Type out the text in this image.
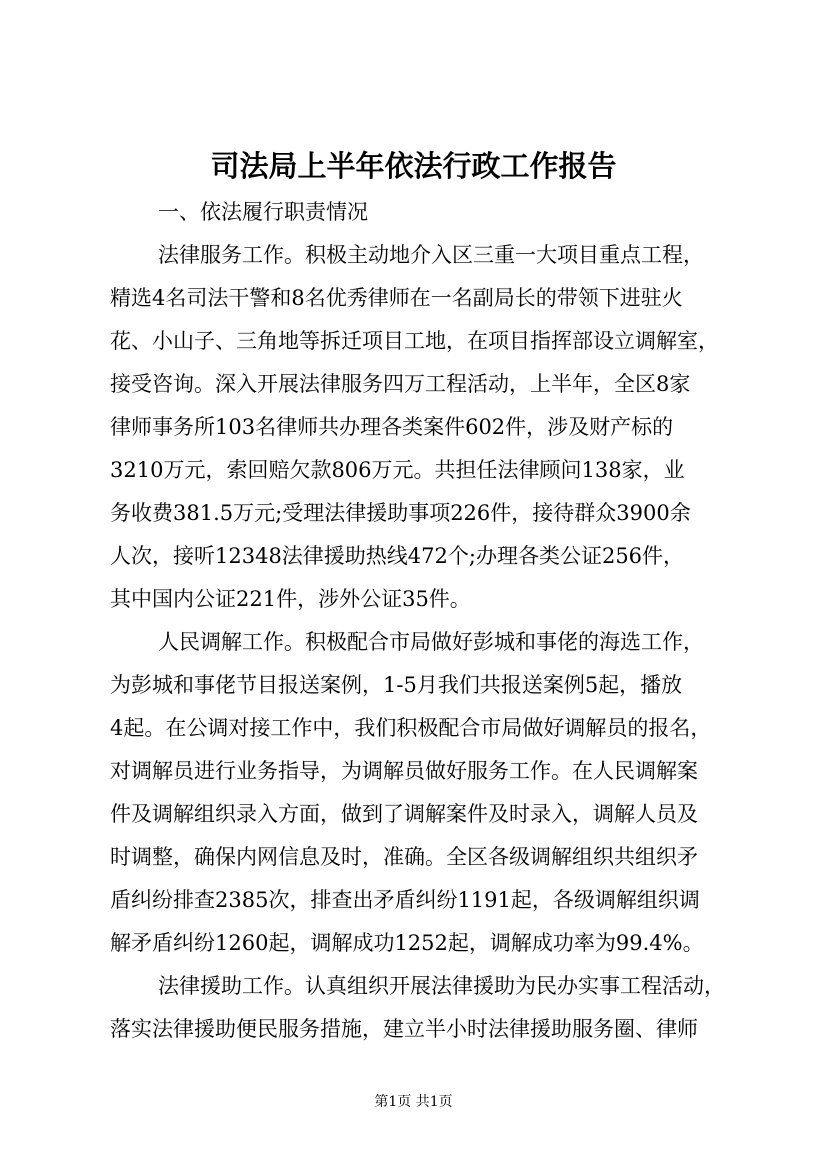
司法局上半年依法行政工作报告
一、依法履行职责情况
法律服务工作。积极主动地介入区三重一大项目重点工程，
精选4名司法干警和8名优秀律师在一名副局长的带领下进驻火
花、小山子、三角地等拆迁项目工地，在项目指挥部设立调解室，
接受咨询。深入开展法律服务四万工程活动，上半年，全区8家
律师事务所103名律师共办理各类案件602件，涉及财产标的
3210万元，索回赔欠款806万元。共担任法律顾问138家，业
务收费381.5万元;受理法律援助事项226件，接待群众3900余
人次，接听12348法律援助热线472个;办理各类公证256件，
其中国内公证221件，涉外公证35件。
人民调解工作。积极配合市局做好彭城和事佬的海选工作，
为彭城和事佬节目报送案例，1-5月我们共报送案例5起，播放
4起。在公调对接工作中，我们积极配合市局做好调解员的报名，
对调解员进行业务指导，为调解员做好服务工作。在人民调解案
件及调解组织录入方面，做到了调解案件及时录入，调解人员及
时调整，确保内网信息及时，准确。全区各级调解组织共组织矛
盾纠纷排查2385次，排查出矛盾纠纷1191起，各级调解组织调
解矛盾纠纷1260起，调解成功1252起，调解成功率为99.4%。
法律援助工作。认真组织开展法律援助为民办实事工程活动，
落实法律援助便民服务措施，建立半小时法律援助服务圈、律师
第1页 共1页
